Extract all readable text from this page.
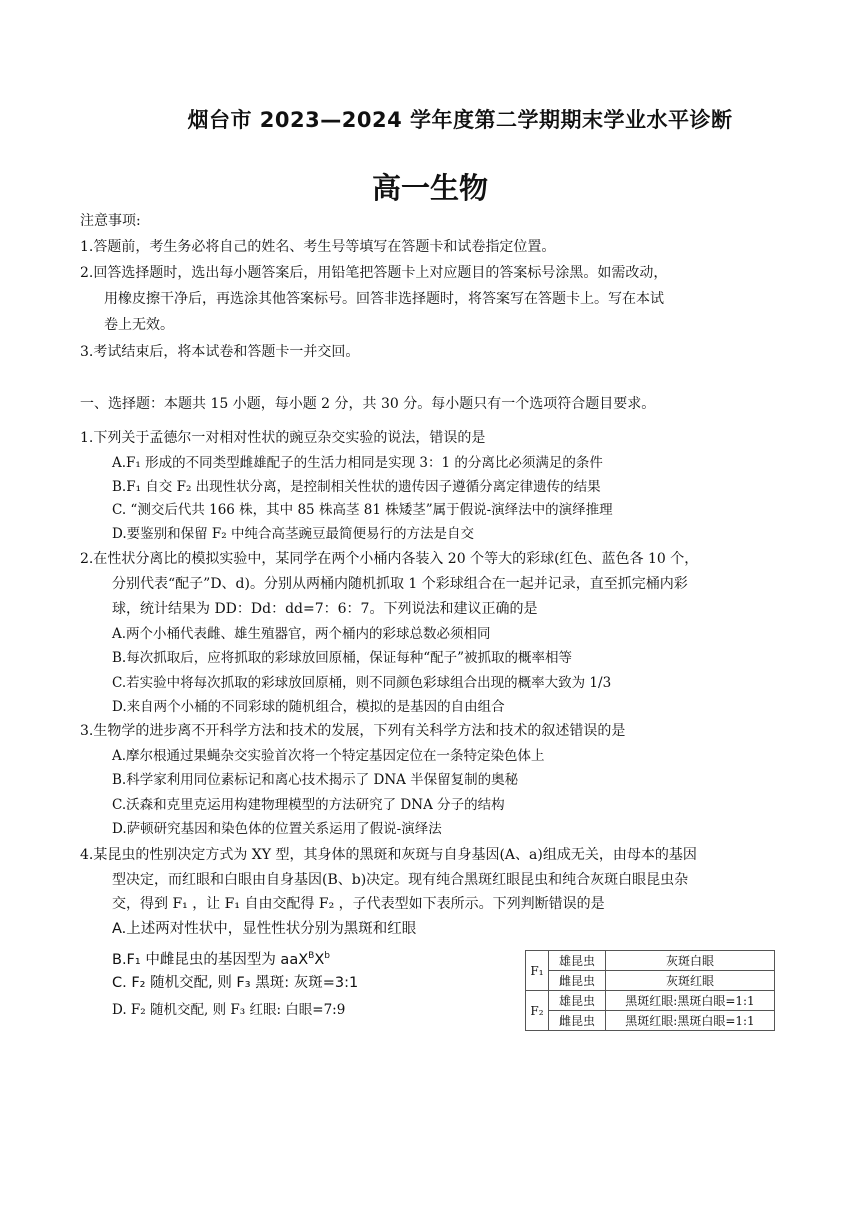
烟台市 2023—2024 学年度第二学期期末学业水平诊断
高一生物
注意事项:
1.答题前，考生务必将自己的姓名、考生号等填写在答题卡和试卷指定位置。
2.回答选择题时，选出每小题答案后，用铅笔把答题卡上对应题目的答案标号涂黑。如需改动，
用橡皮擦干净后，再选涂其他答案标号。回答非选择题时，将答案写在答题卡上。写在本试
卷上无效。
3.考试结束后，将本试卷和答题卡一并交回。
一、选择题：本题共 15 小题，每小题 2 分，共 30 分。每小题只有一个选项符合题目要求。
1.下列关于孟德尔一对相对性状的豌豆杂交实验的说法，错误的是
A.F₁ 形成的不同类型雌雄配子的生活力相同是实现 3：1 的分离比必须满足的条件
B.F₁ 自交 F₂ 出现性状分离，是控制相关性状的遗传因子遵循分离定律遗传的结果
C. “测交后代共 166 株，其中 85 株高茎 81 株矮茎”属于假说-演绎法中的演绎推理
D.要鉴别和保留 F₂ 中纯合高茎豌豆最简便易行的方法是自交
2.在性状分离比的模拟实验中，某同学在两个小桶内各装入 20 个等大的彩球(红色、蓝色各 10 个，
分别代表“配子”D、d)。分别从两桶内随机抓取 1 个彩球组合在一起并记录，直至抓完桶内彩
球，统计结果为 DD：Dd：dd=7：6：7。下列说法和建议正确的是
A.两个小桶代表雌、雄生殖器官，两个桶内的彩球总数必须相同
B.每次抓取后，应将抓取的彩球放回原桶，保证每种“配子”被抓取的概率相等
C.若实验中将每次抓取的彩球放回原桶，则不同颜色彩球组合出现的概率大致为 1/3
D.来自两个小桶的不同彩球的随机组合，模拟的是基因的自由组合
3.生物学的进步离不开科学方法和技术的发展，下列有关科学方法和技术的叙述错误的是
A.摩尔根通过果蝇杂交实验首次将一个特定基因定位在一条特定染色体上
B.科学家利用同位素标记和离心技术揭示了 DNA 半保留复制的奥秘
C.沃森和克里克运用构建物理模型的方法研究了 DNA 分子的结构
D.萨顿研究基因和染色体的位置关系运用了假说-演绎法
4.某昆虫的性别决定方式为 XY 型，其身体的黑斑和灰斑与自身基因(A、a)组成无关，由母本的基因
型决定，而红眼和白眼由自身基因(B、b)决定。现有纯合黑斑红眼昆虫和纯合灰斑白眼昆虫杂
交，得到 F₁ ，让 F₁ 自由交配得 F₂ ，子代表型如下表所示。下列判断错误的是
A.上述两对性状中，显性性状分别为黑斑和红眼
B.F₁ 中雌昆虫的基因型为 $aaX^BX^b$
C. F₂ 随机交配, 则 F₃ 黑斑: 灰斑=3:1
D. F₂ 随机交配, 则 F₃ 红眼: 白眼=7:9
F₁	雄昆虫	灰斑白眼
	雌昆虫	灰斑红眼
F₂	雄昆虫	黑斑红眼:黑斑白眼=1:1
	雌昆虫	黑斑红眼:黑斑白眼=1:1
